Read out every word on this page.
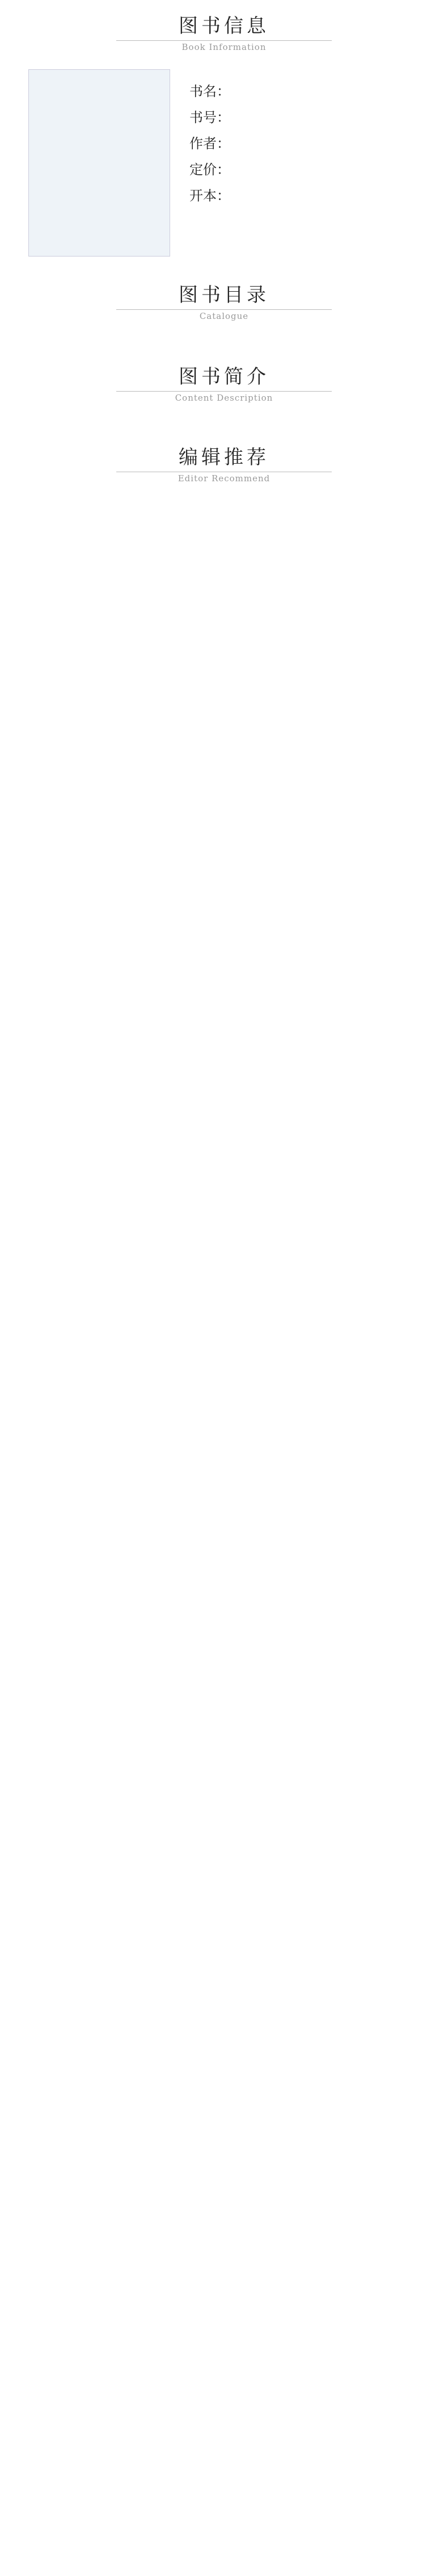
图书信息
Book Information
书名：
书号：
作者：
定价：
开本：
图书目录
Catalogue
图书简介
Content Description
编辑推荐
Editor Recommend
